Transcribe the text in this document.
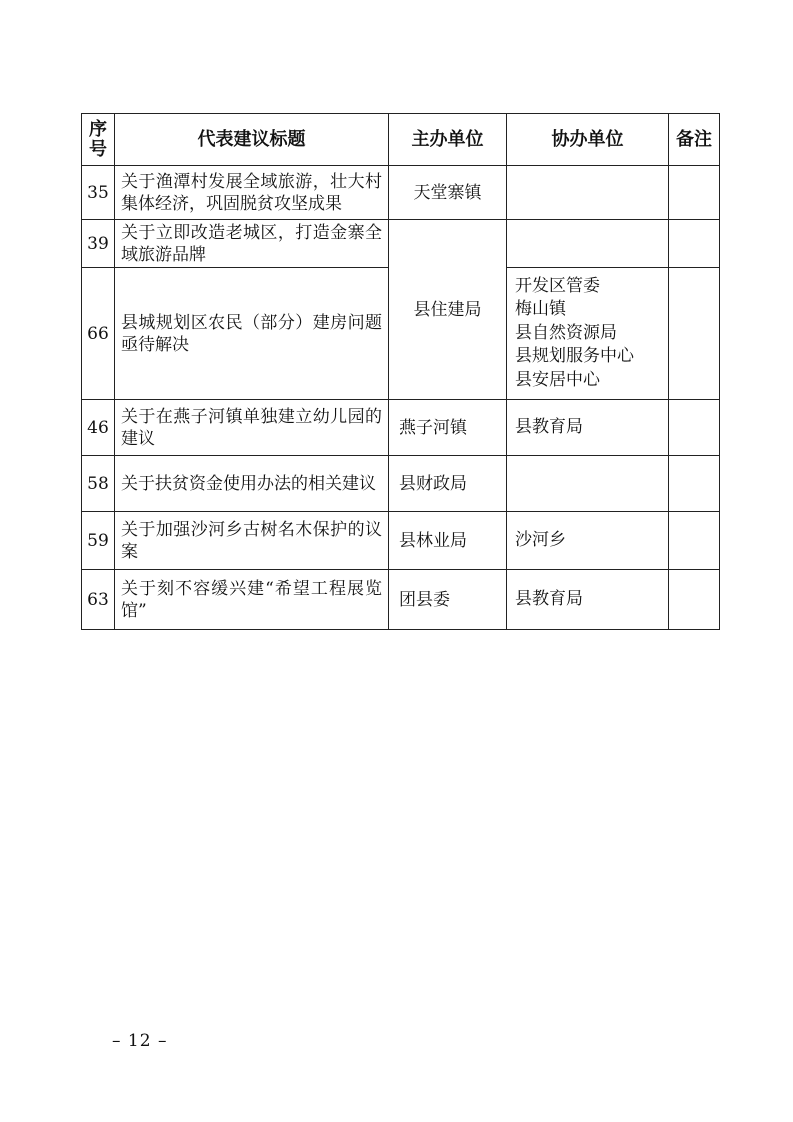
序号	代表建议标题	主办单位	协办单位	备注
35	关于渔潭村发展全域旅游，壮大村集体经济，巩固脱贫攻坚成果	天堂寨镇		
39	关于立即改造老城区，打造金寨全域旅游品牌	县住建局		
66	县城规划区农民（部分）建房问题亟待解决		开发区管委
梅山镇
县自然资源局
县规划服务中心
县安居中心	

46	关于在燕子河镇单独建立幼儿园的建议	燕子河镇	县教育局	

58	关于扶贫资金使用办法的相关建议	县财政局		
59	关于加强沙河乡古树名木保护的议案	县林业局	沙河乡	

63	关于刻不容缓兴建“希望工程展览馆”	团县委	县教育局	

– 12 –
